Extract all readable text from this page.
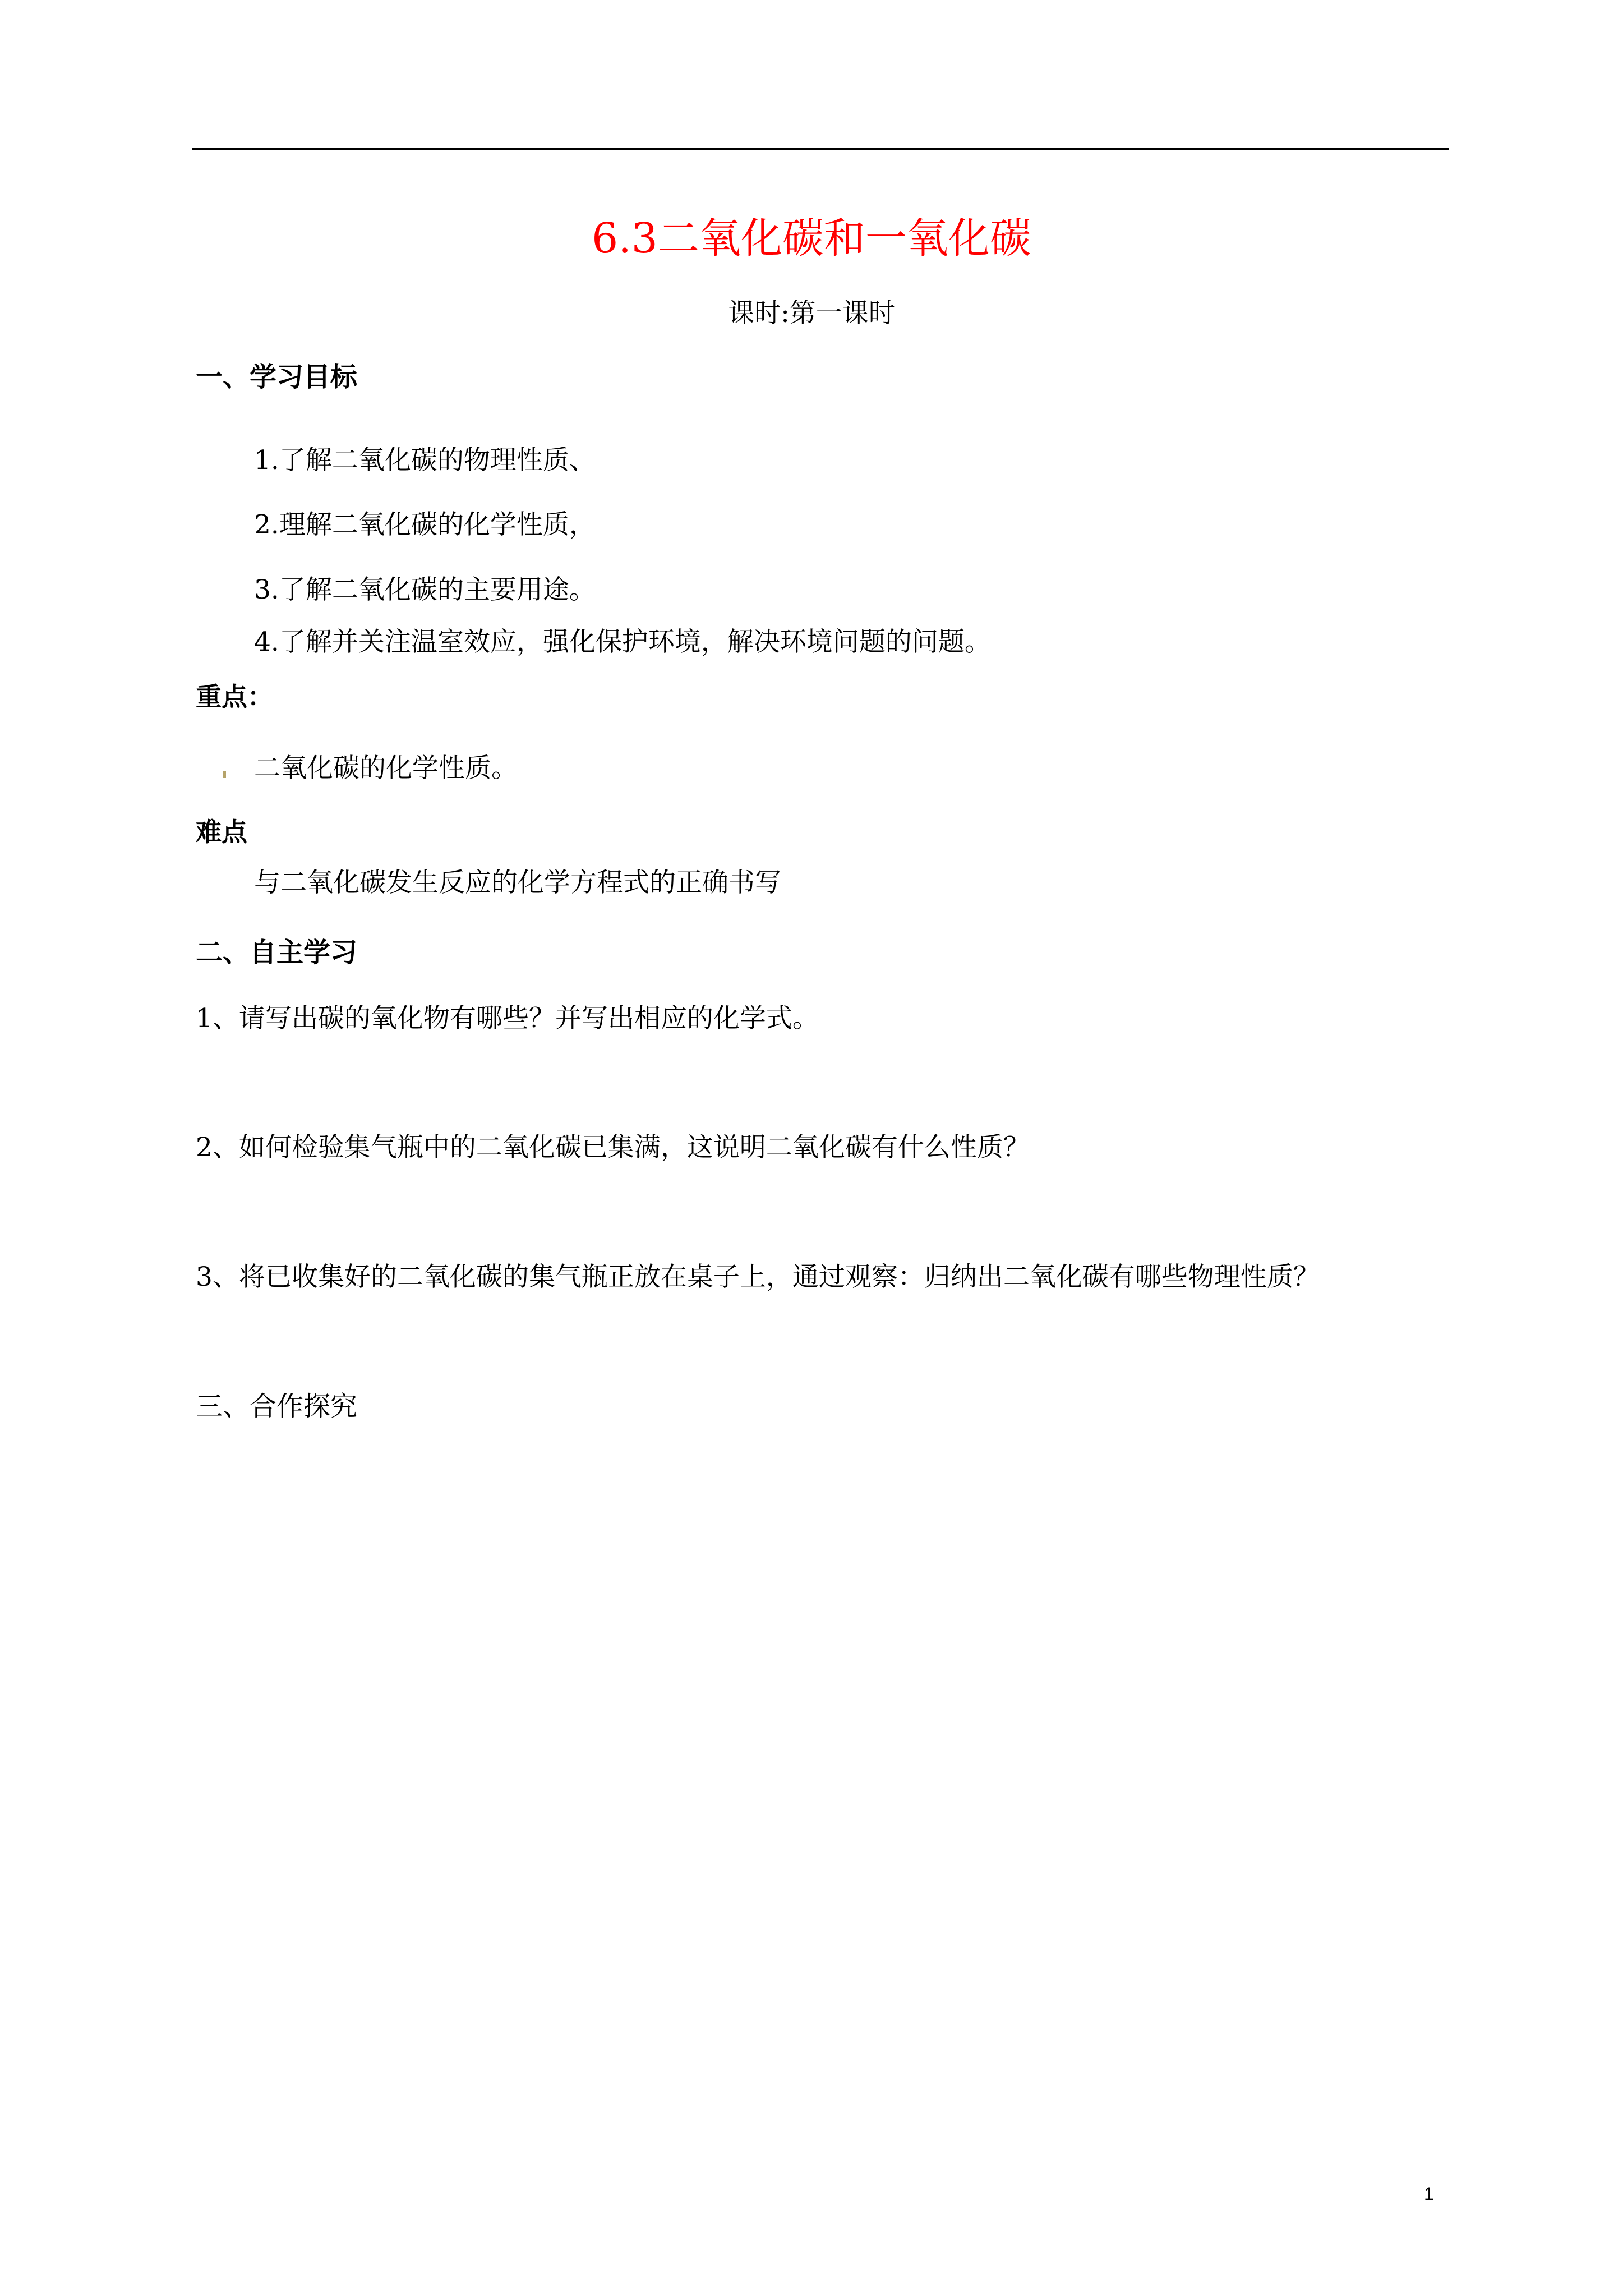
6.3二氧化碳和一氧化碳
课时:第一课时
一、学习目标
1.了解二氧化碳的物理性质、
2.理解二氧化碳的化学性质，
3.了解二氧化碳的主要用途。
4.了解并关注温室效应，强化保护环境，解决环境问题的问题。
重点：
二氧化碳的化学性质。
难点
与二氧化碳发生反应的化学方程式的正确书写
二、自主学习
1、请写出碳的氧化物有哪些？并写出相应的化学式。
2、如何检验集气瓶中的二氧化碳已集满，这说明二氧化碳有什么性质？
3、将已收集好的二氧化碳的集气瓶正放在桌子上，通过观察：归纳出二氧化碳有哪些物理性质？
三、合作探究
1
